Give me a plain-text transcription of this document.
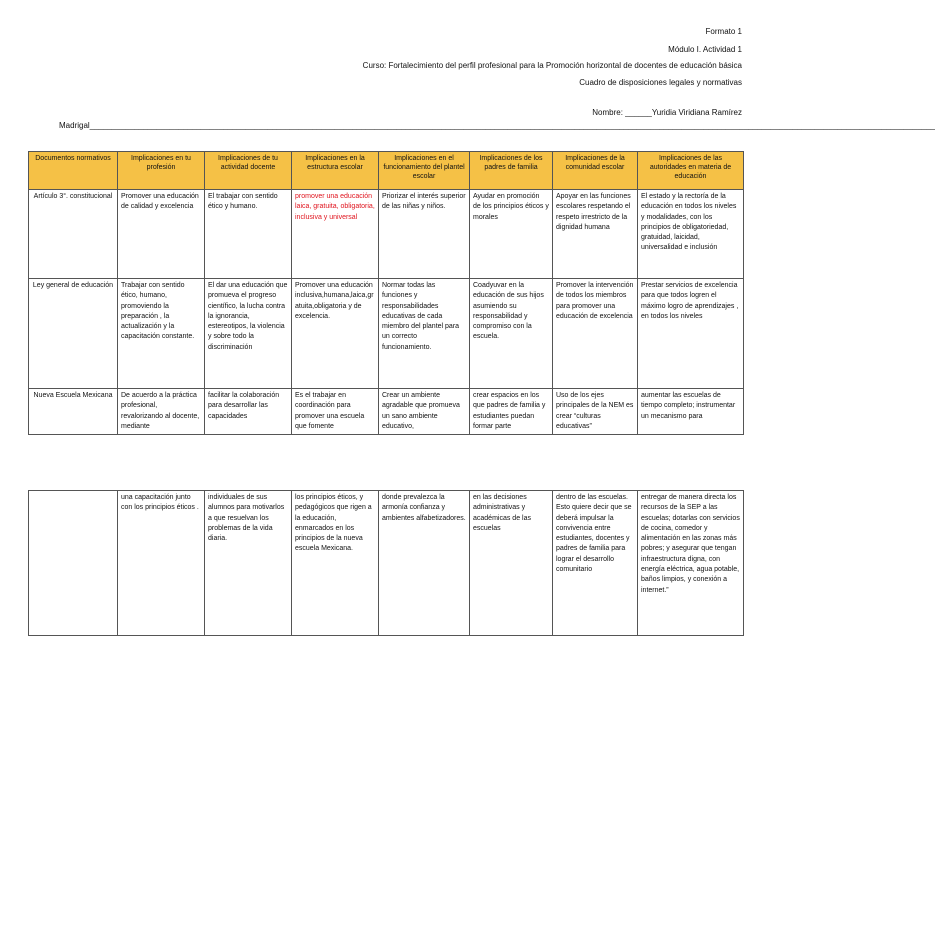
Formato 1
Módulo I. Actividad 1
Curso: Fortalecimiento del perfil profesional para la Promoción horizontal de docentes de educación básica
Cuadro de disposiciones legales y normativas
Nombre: ______Yuridia Viridiana Ramírez
Madrigal______________________________________________________________________________________________________________________________________________________________________________________________
Documentos normativos	Implicaciones en tu profesión	Implicaciones de tu actividad docente	Implicaciones en la estructura escolar	Implicaciones en el funcionamiento del plantel escolar	Implicaciones de los padres de familia	Implicaciones de la comunidad escolar	Implicaciones de las autoridades en materia de educación
Artículo 3°. constitucional	Promover una educación de calidad y excelencia	El trabajar con sentido ético y humano.	promover una educación laica, gratuita, obligatoria, inclusiva y universal	Priorizar el interés superior de las niñas y niños.	Ayudar en promoción de los principios éticos y morales	Apoyar en las funciones escolares respetando el respeto irrestricto de la dignidad humana	El estado y la rectoría de la educación en todos los niveles y modalidades, con los principios de obligatoriedad, gratuidad, laicidad, universalidad e inclusión
Ley general de educación	Trabajar con sentido ético, humano, promoviendo la preparación , la actualización y la capacitación constante.	El dar una educación que promueva el progreso científico, la lucha contra la ignorancia, estereotipos, la violencia y sobre todo la discriminación	Promover una educación inclusiva,humana,laica,gratuita,obligatoria y de excelencia.	Normar todas las funciones y responsabilidades educativas de cada miembro del plantel para un correcto funcionamiento.	Coadyuvar en la educación de sus hijos asumiendo su responsabilidad y compromiso con la escuela.	Promover la intervención de todos los miembros para promover una educación de excelencia	Prestar servicios de excelencia para que todos logren el máximo logro de aprendizajes , en todos los niveles
Nueva Escuela Mexicana	De acuerdo a la práctica profesional, revalorizando al docente, mediante	facilitar la colaboración para desarrollar las capacidades	Es el trabajar en coordinación para promover una escuela que fomente	Crear un ambiente agradable que promueva un sano ambiente educativo,	crear espacios en los que padres de familia y estudiantes puedan formar parte	Uso de los ejes principales de la NEM es crear “culturas educativas”	aumentar las escuelas de tiempo completo; instrumentar un mecanismo para
	una capacitación junto con los principios éticos .	individuales de sus alumnos para motivarlos a que resuelvan los problemas de la vida diaria.	los principios éticos, y pedagógicos que rigen a la educación, enmarcados en los principios de la nueva escuela Mexicana.	donde prevalezca la armonía confianza y ambientes alfabetizadores.	en las decisiones administrativas y académicas de las escuelas	dentro de las escuelas. Esto quiere decir que se deberá impulsar la convivencia entre estudiantes, docentes y padres de familia para lograr el desarrollo comunitario	entregar de manera directa los recursos de la SEP a las escuelas; dotarlas con servicios de cocina, comedor y alimentación en las zonas más pobres; y asegurar que tengan infraestructura digna, con energía eléctrica, agua potable, baños limpios, y conexión a internet.”
